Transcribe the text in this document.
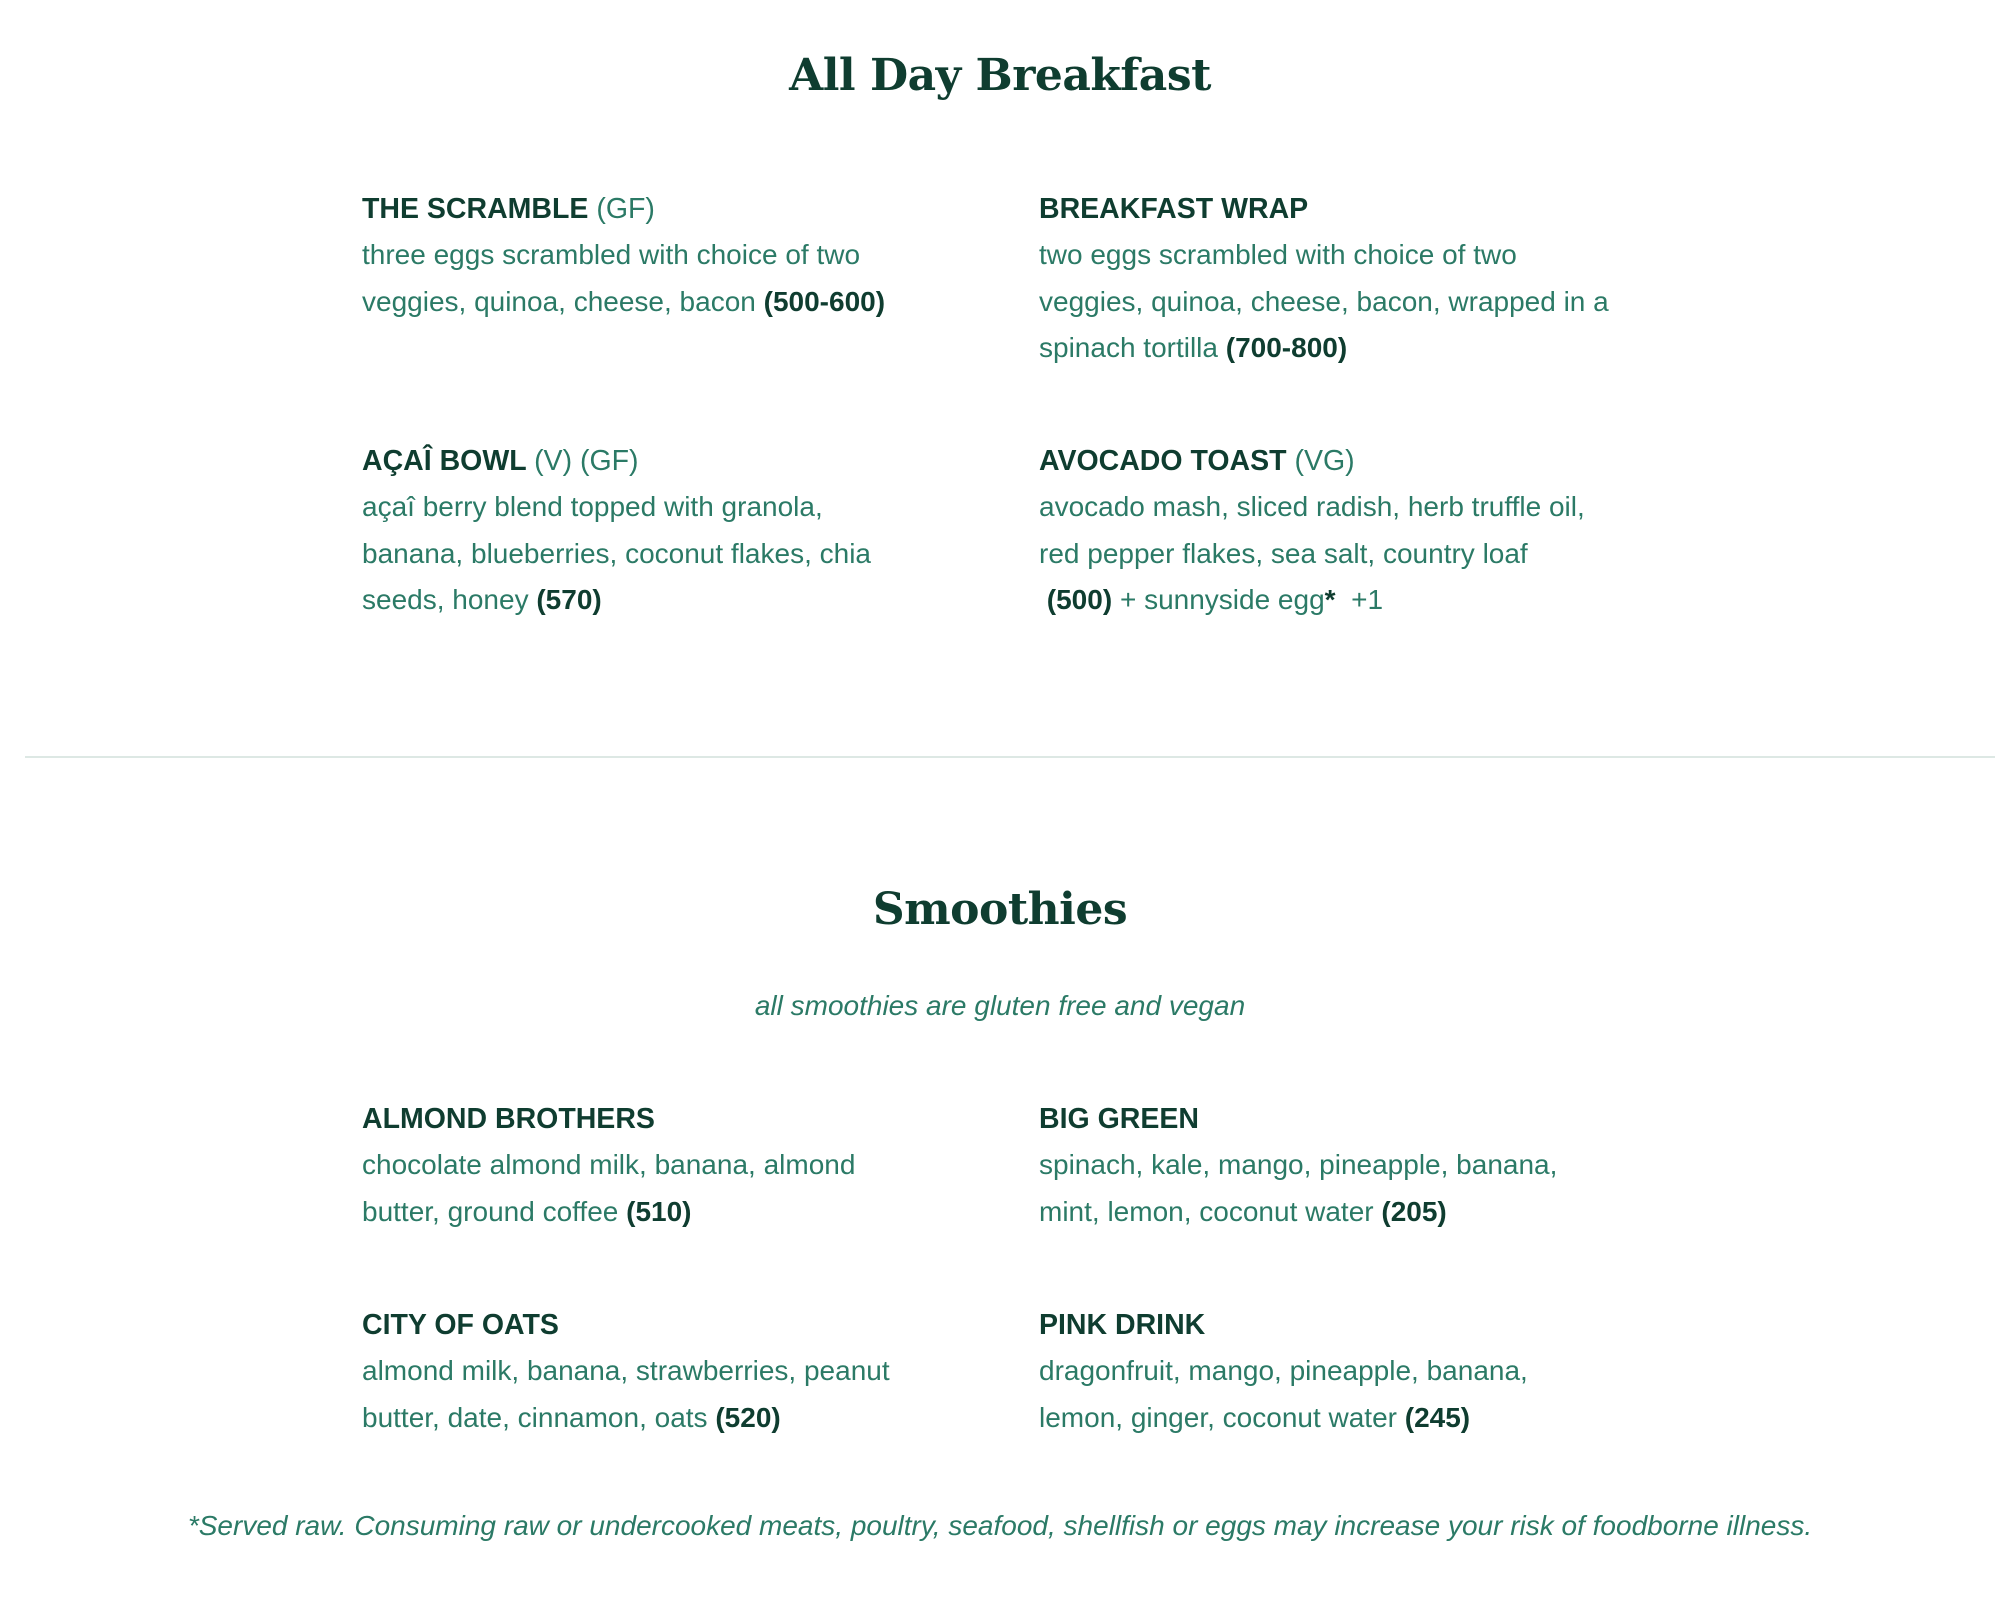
All Day Breakfast

THE SCRAMBLE (GF)

three eggs scrambled with choice of two
veggies, quinoa, cheese, bacon (500-600)

BREAKFAST WRAP

two eggs scrambled with choice of two
veggies, quinoa, cheese, bacon, wrapped in a
spinach tortilla (700-800)

AÇAÎ BOWL (V) (GF)

açaî berry blend topped with granola,
banana, blueberries, coconut flakes, chia
seeds, honey (570)

AVOCADO TOAST (VG)

avocado mash, sliced radish, herb truffle oil,
red pepper flakes, sea salt, country loaf
(500) + sunnyside egg* +1

Smoothies
all smoothies are gluten free and vegan

ALMOND BROTHERS

chocolate almond milk, banana, almond
butter, ground coffee (510)

BIG GREEN

spinach, kale, mango, pineapple, banana,
mint, lemon, coconut water (205)

CITY OF OATS

almond milk, banana, strawberries, peanut
butter, date, cinnamon, oats (520)

PINK DRINK

dragonfruit, mango, pineapple, banana,
lemon, ginger, coconut water (245)

*Served raw. Consuming raw or undercooked meats, poultry, seafood, shellfish or eggs may increase your risk of foodborne illness.
